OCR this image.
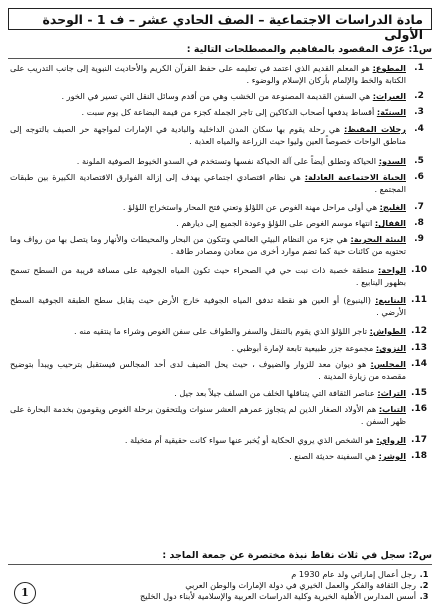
مادة الدراسات الاجتماعية – الصف الحادي عشر – ف 1 - الوحدة الأولى
س1: عرّف المقصود بالمفاهيم والمصطلحات التالية :
1.
المطوع: هو المعلم القديم الذي اعتمد في تعليمه على حفظ القرآن الكريم والأحاديث النبوية إلى جانب التدريب على الكتابة والخط والإلمام بأركان الإسلام والوضوء .
2.
العبرات: هي السفن القديمة المصنوعة من الخشب وهي من أقدم وسائل النقل التي تسير في الخور .
3.
السنيّة: أقساط يدفعها أصحاب الدكاكين إلى تاجر الجملة كجزء من قيمة البضاعة كل يوم سبت .
4.
رحلات المقيظ: هي رحلة يقوم بها سكان المدن الداخلية والبادية في الإمارات لمواجهة حر الصيف بالتوجه إلى مناطق الواحات خصوصاً العين وليوا حيث الزراعة والمياه العذبة .
5.
السدو: الحياكة وتطلق أيضاً على آلة الحياكة نفسها وتستخدم في السدو الخيوط الصوفية الملونة .
6.
الحياة الاجتماعية العادلة: هي نظام اقتصادي اجتماعي يهدف إلى إزالة الفوارق الاقتصادية الكبيرة بين طبقات المجتمع .
7.
الغليج: هي أولى مراحل مهنة الغوص عن اللؤلؤ وتعني فتح المحار واستخراج اللؤلؤ .
8.
القفال: انتهاء موسم الغوص على اللؤلؤ وعودة الجميع إلى ديارهم .
9.
البيئة البحرية: هي جزء من النظام البيئي العالمي وتتكون من البحار والمحيطات والأنهار وما يتصل بها من رواف وما تحتويه من كائنات حية كما تضم موارد أخرى من معادن ومصادر طاقة .
10.
الواحة: منطقة خصبة ذات نبت حي في الصحراء حيث تكون المياه الجوفية على مسافة قريبة من السطح تسمح بظهور الينابيع .
11.
الينابيع: (الينبوع) أو العين هو نقطة تدفق المياه الجوفية خارج الأرض حيث يقابل سطح الطبقة الجوفية السطح الأرضي .
12.
الطواش: تاجر اللؤلؤ الذي يقوم بالتنقل والسفر والطواف على سفن الغوص وشراء ما ينتقيه منه .
13.
النزوى: مجموعة جزر طبيعية تابعة لإمارة أبوظبي .
14.
المجلس: هو ديوان معد للزوار والضيوف ، حيث يحل الضيف لدى أحد المجالس فيستقبل بترحيب ويبدأ بتوضيح مقصده من زيارة المدينة .
15.
التراث: عناصر الثقافة التي يتناقلها الخلف من السلف جيلاً بعد جيل .
16.
التباب: هم الأولاد الصغار الذين لم يتجاوز عمرهم العشر سنوات ويلتحقون برحلة الغوص ويقومون بخدمة البحارة على ظهر السفن .
17.
الرواي: هو الشخص الذي يروي الحكاية أو يُخبر عنها سواء كانت حقيقية أم متخيلة .
18.
الوشر: هي السفينة حديثة الصنع .
س2: سجل في ثلاث نقاط نبذة مختصرة عن جمعة الماجد :
1.
رجل أعمال إماراتي ولد عام 1930 م
2.
رجل الثقافة والفكر والعمل الخيري في دولة الإمارات والوطن العربي
3.
أسس المدارس الأهلية الخيرية وكلية الدراسات العربية والإسلامية لأبناء دول الخليج
1
